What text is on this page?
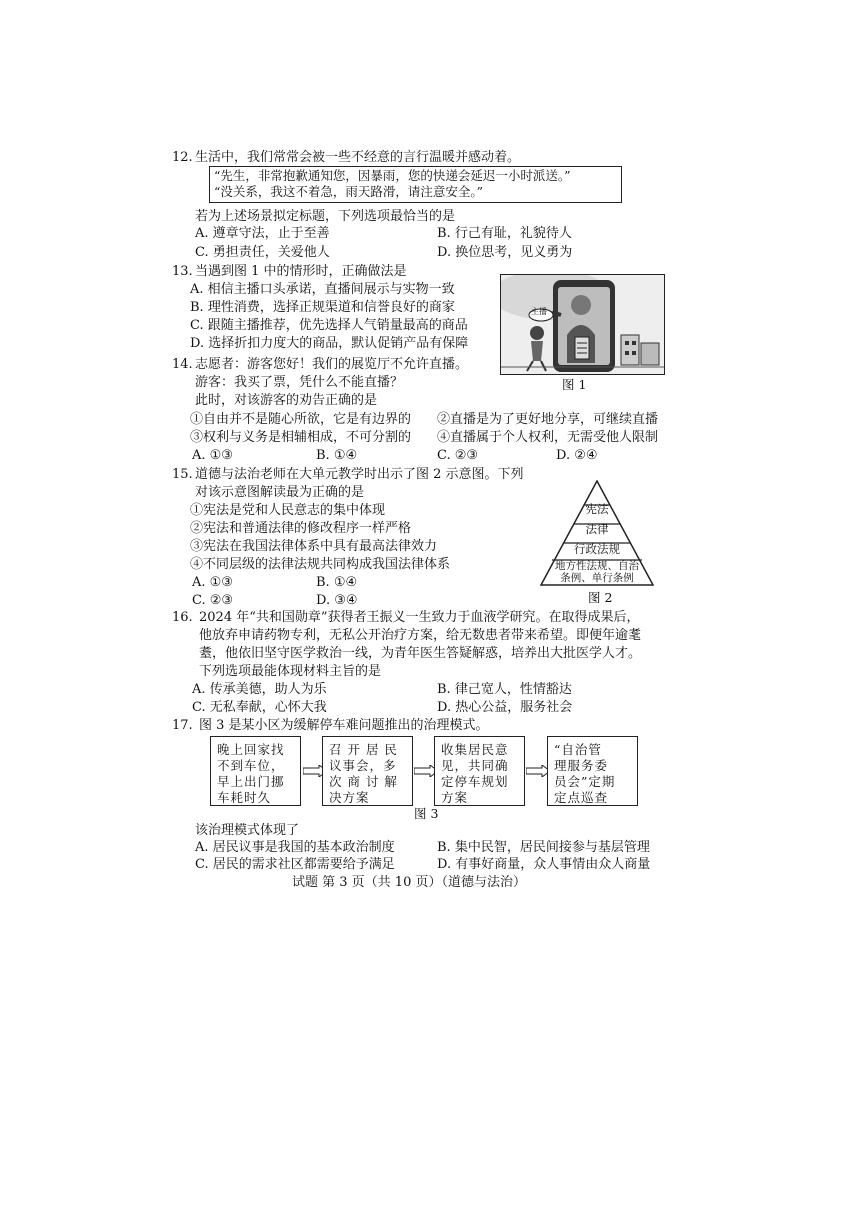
12. 生活中，我们常常会被一些不经意的言行温暖并感动着。
“先生，非常抱歉通知您，因暴雨，您的快递会延迟一小时派送。”
“没关系，我这不着急，雨天路滑，请注意安全。”
若为上述场景拟定标题，下列选项最恰当的是
A. 遵章守法，止于至善	B. 行己有耻，礼貌待人
C. 勇担责任，关爱他人	D. 换位思考，见义勇为
13. 当遇到图 1 中的情形时，正确做法是
A. 相信主播口头承诺，直播间展示与实物一致
B. 理性消费，选择正规渠道和信誉良好的商家
C. 跟随主播推荐，优先选择人气销量最高的商品
D. 选择折扣力度大的商品，默认促销产品有保障
主播
图 1
14. 志愿者：游客您好！我们的展览厅不允许直播。
游客：我买了票，凭什么不能直播？
此时，对该游客的劝告正确的是
①自由并不是随心所欲，它是有边界的 ②直播是为了更好地分享，可继续直播
③权利与义务是相辅相成，不可分割的 ④直播属于个人权利，无需受他人限制
A. ①③	B. ①④	C. ②③	D. ②④
15. 道德与法治老师在大单元教学时出示了图 2 示意图。下列
对该示意图解读最为正确的是
①宪法是党和人民意志的集中体现
②宪法和普通法律的修改程序一样严格
③宪法在我国法律体系中具有最高法律效力
④不同层级的法律法规共同构成我国法律体系
A. ①③	B. ①④
C. ②③	D. ③④
宪法
法律
行政法规
地方性法规、自治
条例、单行条例
图 2
16. 2024 年“共和国勋章”获得者王振义一生致力于血液学研究。在取得成果后，
他放弃申请药物专利，无私公开治疗方案，给无数患者带来希望。即便年逾耄
耋，他依旧坚守医学救治一线，为青年医生答疑解惑，培养出大批医学人才。
下列选项最能体现材料主旨的是
A. 传承美德，助人为乐	B. 律己宽人，性情豁达
C. 无私奉献，心怀大我	D. 热心公益，服务社会
17. 图 3 是某小区为缓解停车难问题推出的治理模式。
晚上回家找
不到车位，
早上出门挪
车耗时久
召 开 居 民
议事会，多
次 商 讨 解
决方案
收集居民意
见，共同确
定停车规划
方案
“自治管
理服务委
员会”定期
定点巡查
图 3
该治理模式体现了
A. 居民议事是我国的基本政治制度	B. 集中民智，居民间接参与基层管理
C. 居民的需求社区都需要给予满足	D. 有事好商量，众人事情由众人商量
试题 第 3 页（共 10 页）（道德与法治）
